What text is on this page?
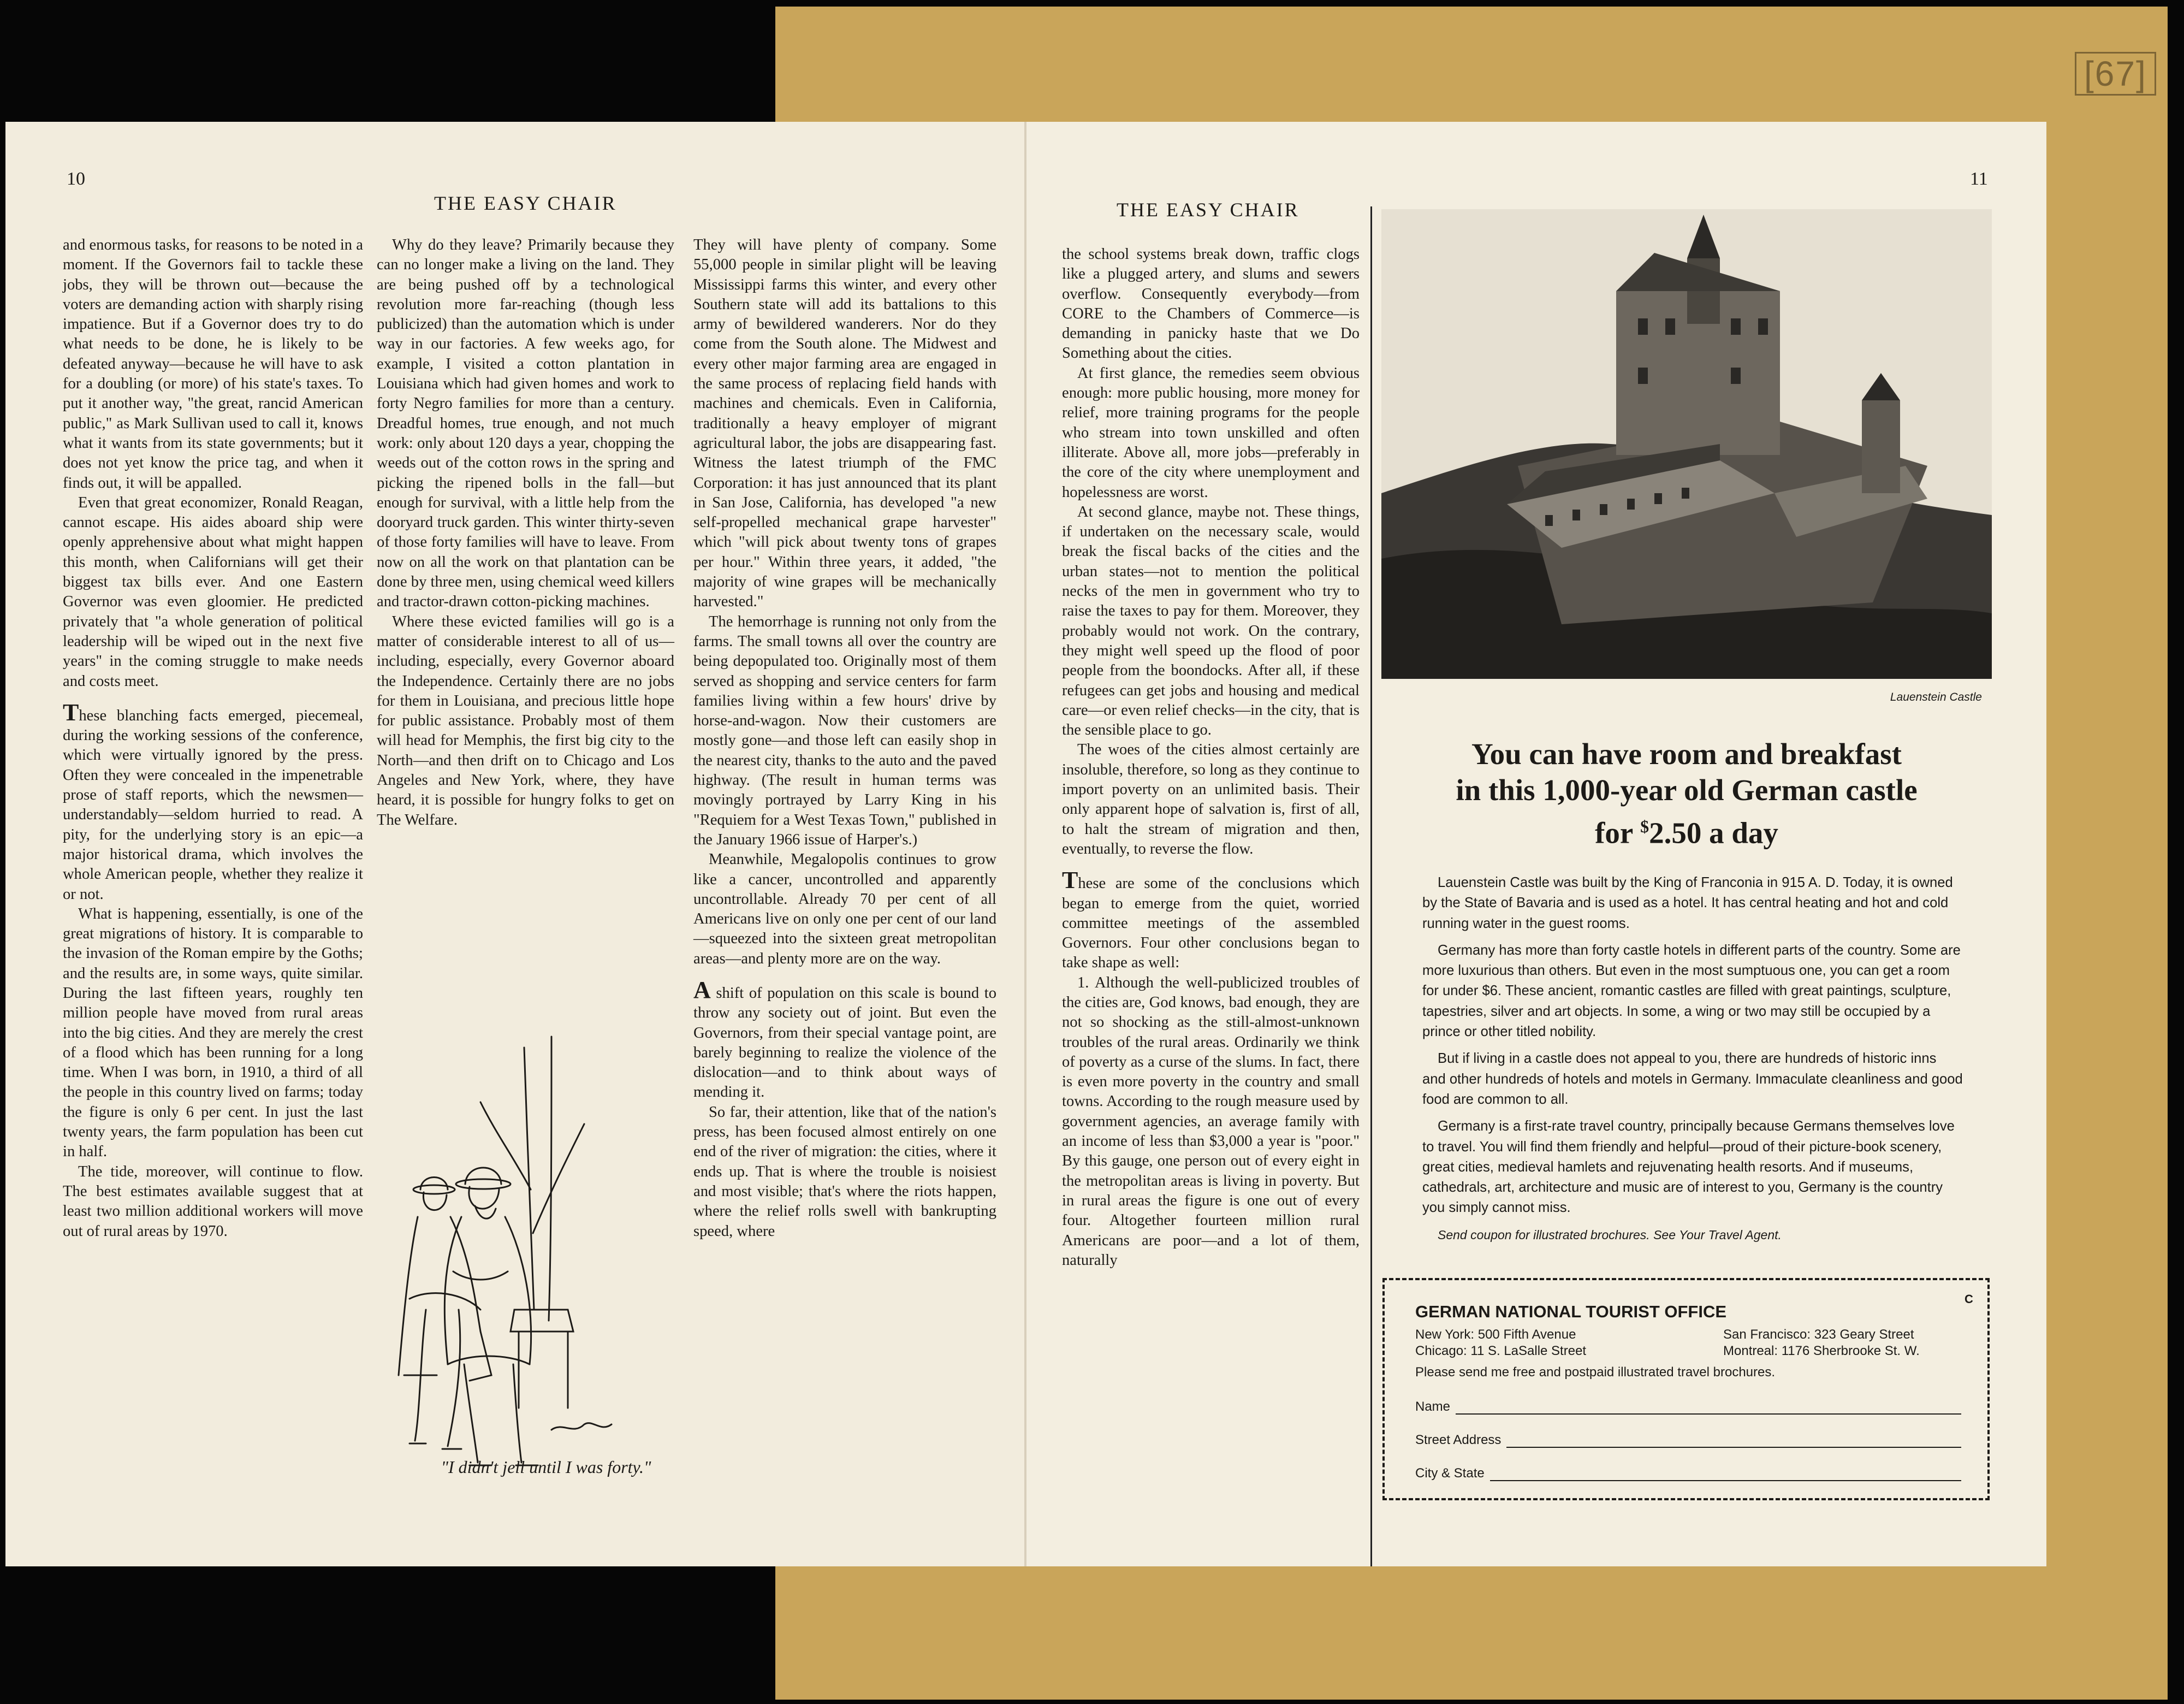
[67]
10
THE EASY CHAIR

and enormous tasks, for reasons to be noted in a moment. If the Governors fail to tackle these jobs, they will be thrown out—because the voters are demanding action with sharply rising impatience. But if a Governor does try to do what needs to be done, he is likely to be defeated anyway—because he will have to ask for a doubling (or more) of his state's taxes. To put it another way, "the great, rancid American public," as Mark Sullivan used to call it, knows what it wants from its state governments; but it does not yet know the price tag, and when it finds out, it will be appalled.

Even that great economizer, Ronald Reagan, cannot escape. His aides aboard ship were openly apprehensive about what might happen this month, when Californians will get their biggest tax bills ever. And one Eastern Governor was even gloomier. He predicted privately that "a whole generation of political leadership will be wiped out in the next five years" in the coming struggle to make needs and costs meet.

These blanching facts emerged, piecemeal, during the working sessions of the conference, which were virtually ignored by the press. Often they were concealed in the impenetrable prose of staff reports, which the newsmen—understandably—seldom hurried to read. A pity, for the underlying story is an epic—a major historical drama, which involves the whole American people, whether they realize it or not.

What is happening, essentially, is one of the great migrations of history. It is comparable to the invasion of the Roman empire by the Goths; and the results are, in some ways, quite similar. During the last fifteen years, roughly ten million people have moved from rural areas into the big cities. And they are merely the crest of a flood which has been running for a long time. When I was born, in 1910, a third of all the people in this country lived on farms; today the figure is only 6 per cent. In just the last twenty years, the farm population has been cut in half.

The tide, moreover, will continue to flow. The best estimates available suggest that at least two million additional workers will move out of rural areas by 1970.

Why do they leave? Primarily because they can no longer make a living on the land. They are being pushed off by a technological revolution more far-reaching (though less publicized) than the automation which is under way in our factories. A few weeks ago, for example, I visited a cotton plantation in Louisiana which had given homes and work to forty Negro families for more than a century. Dreadful homes, true enough, and not much work: only about 120 days a year, chopping the weeds out of the cotton rows in the spring and picking the ripened bolls in the fall—but enough for survival, with a little help from the dooryard truck garden. This winter thirty-seven of those forty families will have to leave. From now on all the work on that plantation can be done by three men, using chemical weed killers and tractor-drawn cotton-picking machines.

Where these evicted families will go is a matter of considerable interest to all of us—including, especially, every Governor aboard the Independence. Certainly there are no jobs for them in Louisiana, and precious little hope for public assistance. Probably most of them will head for Memphis, the first big city to the North—and then drift on to Chicago and Los Angeles and New York, where, they have heard, it is possible for hungry folks to get on The Welfare.

"I didn't jell until I was forty."

They will have plenty of company. Some 55,000 people in similar plight will be leaving Mississippi farms this winter, and every other Southern state will add its battalions to this army of bewildered wanderers. Nor do they come from the South alone. The Midwest and every other major farming area are engaged in the same process of replacing field hands with machines and chemicals. Even in California, traditionally a heavy employer of migrant agricultural labor, the jobs are disappearing fast. Witness the latest triumph of the FMC Corporation: it has just announced that its plant in San Jose, California, has developed "a new self-propelled mechanical grape harvester" which "will pick about twenty tons of grapes per hour." Within three years, it added, "the majority of wine grapes will be mechanically harvested."

The hemorrhage is running not only from the farms. The small towns all over the country are being depopulated too. Originally most of them served as shopping and service centers for farm families living within a few hours' drive by horse-and-wagon. Now their customers are mostly gone—and those left can easily shop in the nearest city, thanks to the auto and the paved highway. (The result in human terms was movingly portrayed by Larry King in his "Requiem for a West Texas Town," published in the January 1966 issue of Harper's.)

Meanwhile, Megalopolis continues to grow like a cancer, uncontrolled and apparently uncontrollable. Already 70 per cent of all Americans live on only one per cent of our land—squeezed into the sixteen great metropolitan areas—and plenty more are on the way.

A shift of population on this scale is bound to throw any society out of joint. But even the Governors, from their special vantage point, are barely beginning to realize the violence of the dislocation—and to think about ways of mending it.

So far, their attention, like that of the nation's press, has been focused almost entirely on one end of the river of migration: the cities, where it ends up. That is where the trouble is noisiest and most visible; that's where the riots happen, where the relief rolls swell with bankrupting speed, where

11
THE EASY CHAIR

the school systems break down, traffic clogs like a plugged artery, and slums and sewers overflow. Consequently everybody—from CORE to the Chambers of Commerce—is demanding in panicky haste that we Do Something about the cities.

At first glance, the remedies seem obvious enough: more public housing, more money for relief, more training programs for the people who stream into town unskilled and often illiterate. Above all, more jobs—preferably in the core of the city where unemployment and hopelessness are worst.

At second glance, maybe not. These things, if undertaken on the necessary scale, would break the fiscal backs of the cities and the urban states—not to mention the political necks of the men in government who try to raise the taxes to pay for them. Moreover, they probably would not work. On the contrary, they might well speed up the flood of poor people from the boondocks. After all, if these refugees can get jobs and housing and medical care—or even relief checks—in the city, that is the sensible place to go.

The woes of the cities almost certainly are insoluble, therefore, so long as they continue to import poverty on an unlimited basis. Their only apparent hope of salvation is, first of all, to halt the stream of migration and then, eventually, to reverse the flow.

These are some of the conclusions which began to emerge from the quiet, worried committee meetings of the assembled Governors. Four other conclusions began to take shape as well:

1. Although the well-publicized troubles of the cities are, God knows, bad enough, they are not so shocking as the still-almost-unknown troubles of the rural areas. Ordinarily we think of poverty as a curse of the slums. In fact, there is even more poverty in the country and small towns. According to the rough measure used by government agencies, an average family with an income of less than $3,000 a year is "poor." By this gauge, one person out of every eight in the metropolitan areas is living in poverty. But in rural areas the figure is one out of every four. Altogether fourteen million rural Americans are poor—and a lot of them, naturally

Lauenstein Castle
You can have room and breakfast
in this 1,000-year old German castle
for $2.50 a day

Lauenstein Castle was built by the King of Franconia in 915 A. D. Today, it is owned by the State of Bavaria and is used as a hotel. It has central heating and hot and cold running water in the guest rooms.

Germany has more than forty castle hotels in different parts of the country. Some are more luxurious than others. But even in the most sumptuous one, you can get a room for under $6. These ancient, romantic castles are filled with great paintings, sculpture, tapestries, silver and art objects. In some, a wing or two may still be occupied by a prince or other titled nobility.

But if living in a castle does not appeal to you, there are hundreds of historic inns and other hundreds of hotels and motels in Germany. Immaculate cleanliness and good food are common to all.

Germany is a first-rate travel country, principally because Germans themselves love to travel. You will find them friendly and helpful—proud of their picture-book scenery, great cities, medieval hamlets and rejuvenating health resorts. And if museums, cathedrals, art, architecture and music are of interest to you, Germany is the country you simply cannot miss.

Send coupon for illustrated brochures. See Your Travel Agent.

GERMAN NATIONAL TOURIST OFFICE
C
New York: 500 Fifth Avenue
Chicago: 11 S. LaSalle Street
San Francisco: 323 Geary Street
Montreal: 1176 Sherbrooke St. W.
Please send me free and postpaid illustrated travel brochures.
Name
Street Address
City & State
